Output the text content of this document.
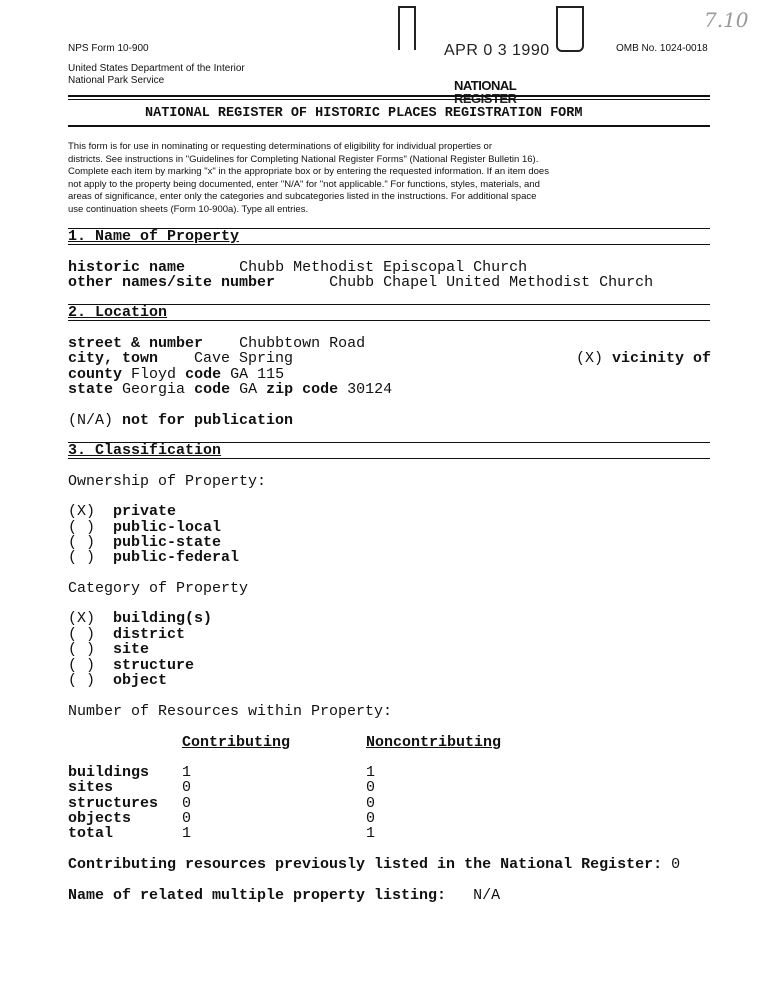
NPS Form 10-900	OMB No. 1024-0018
United States Department of the Interior
National Park Service
APR 0 3 1990
NATIONAL
REGISTER
7.10
NATIONAL REGISTER OF HISTORIC PLACES REGISTRATION FORM
This form is for use in nominating or requesting determinations of eligibility for individual properties or
districts. See instructions in "Guidelines for Completing National Register Forms" (National Register Bulletin 16).
Complete each item by marking "x" in the appropriate box or by entering the requested information. If an item does
not apply to the property being documented, enter "N/A" for "not applicable." For functions, styles, materials, and
areas of significance, enter only the categories and subcategories listed in the instructions. For additional space
use continuation sheets (Form 10-900a). Type all entries.
1. Name of Property
historic name	Chubb Methodist Episcopal Church
other names/site number	Chubb Chapel United Methodist Church
2. Location
street & number Chubbtown Road
city, town Cave Spring	(X) vicinity of
county Floyd code GA 115
state Georgia code GA zip code 30124
(N/A) not for publication
3. Classification
Ownership of Property:
(X) private
( ) public-local
( ) public-state
( ) public-federal
Category of Property
(X) building(s)
( ) district
( ) site
( ) structure
( ) object
Number of Resources within Property:
Contributing	Noncontributing
buildings 1	1
sites	0	0
structures 0	0
objects	0	0
total	1	1
Contributing resources previously listed in the National Register: 0
Name of related multiple property listing: N/A
